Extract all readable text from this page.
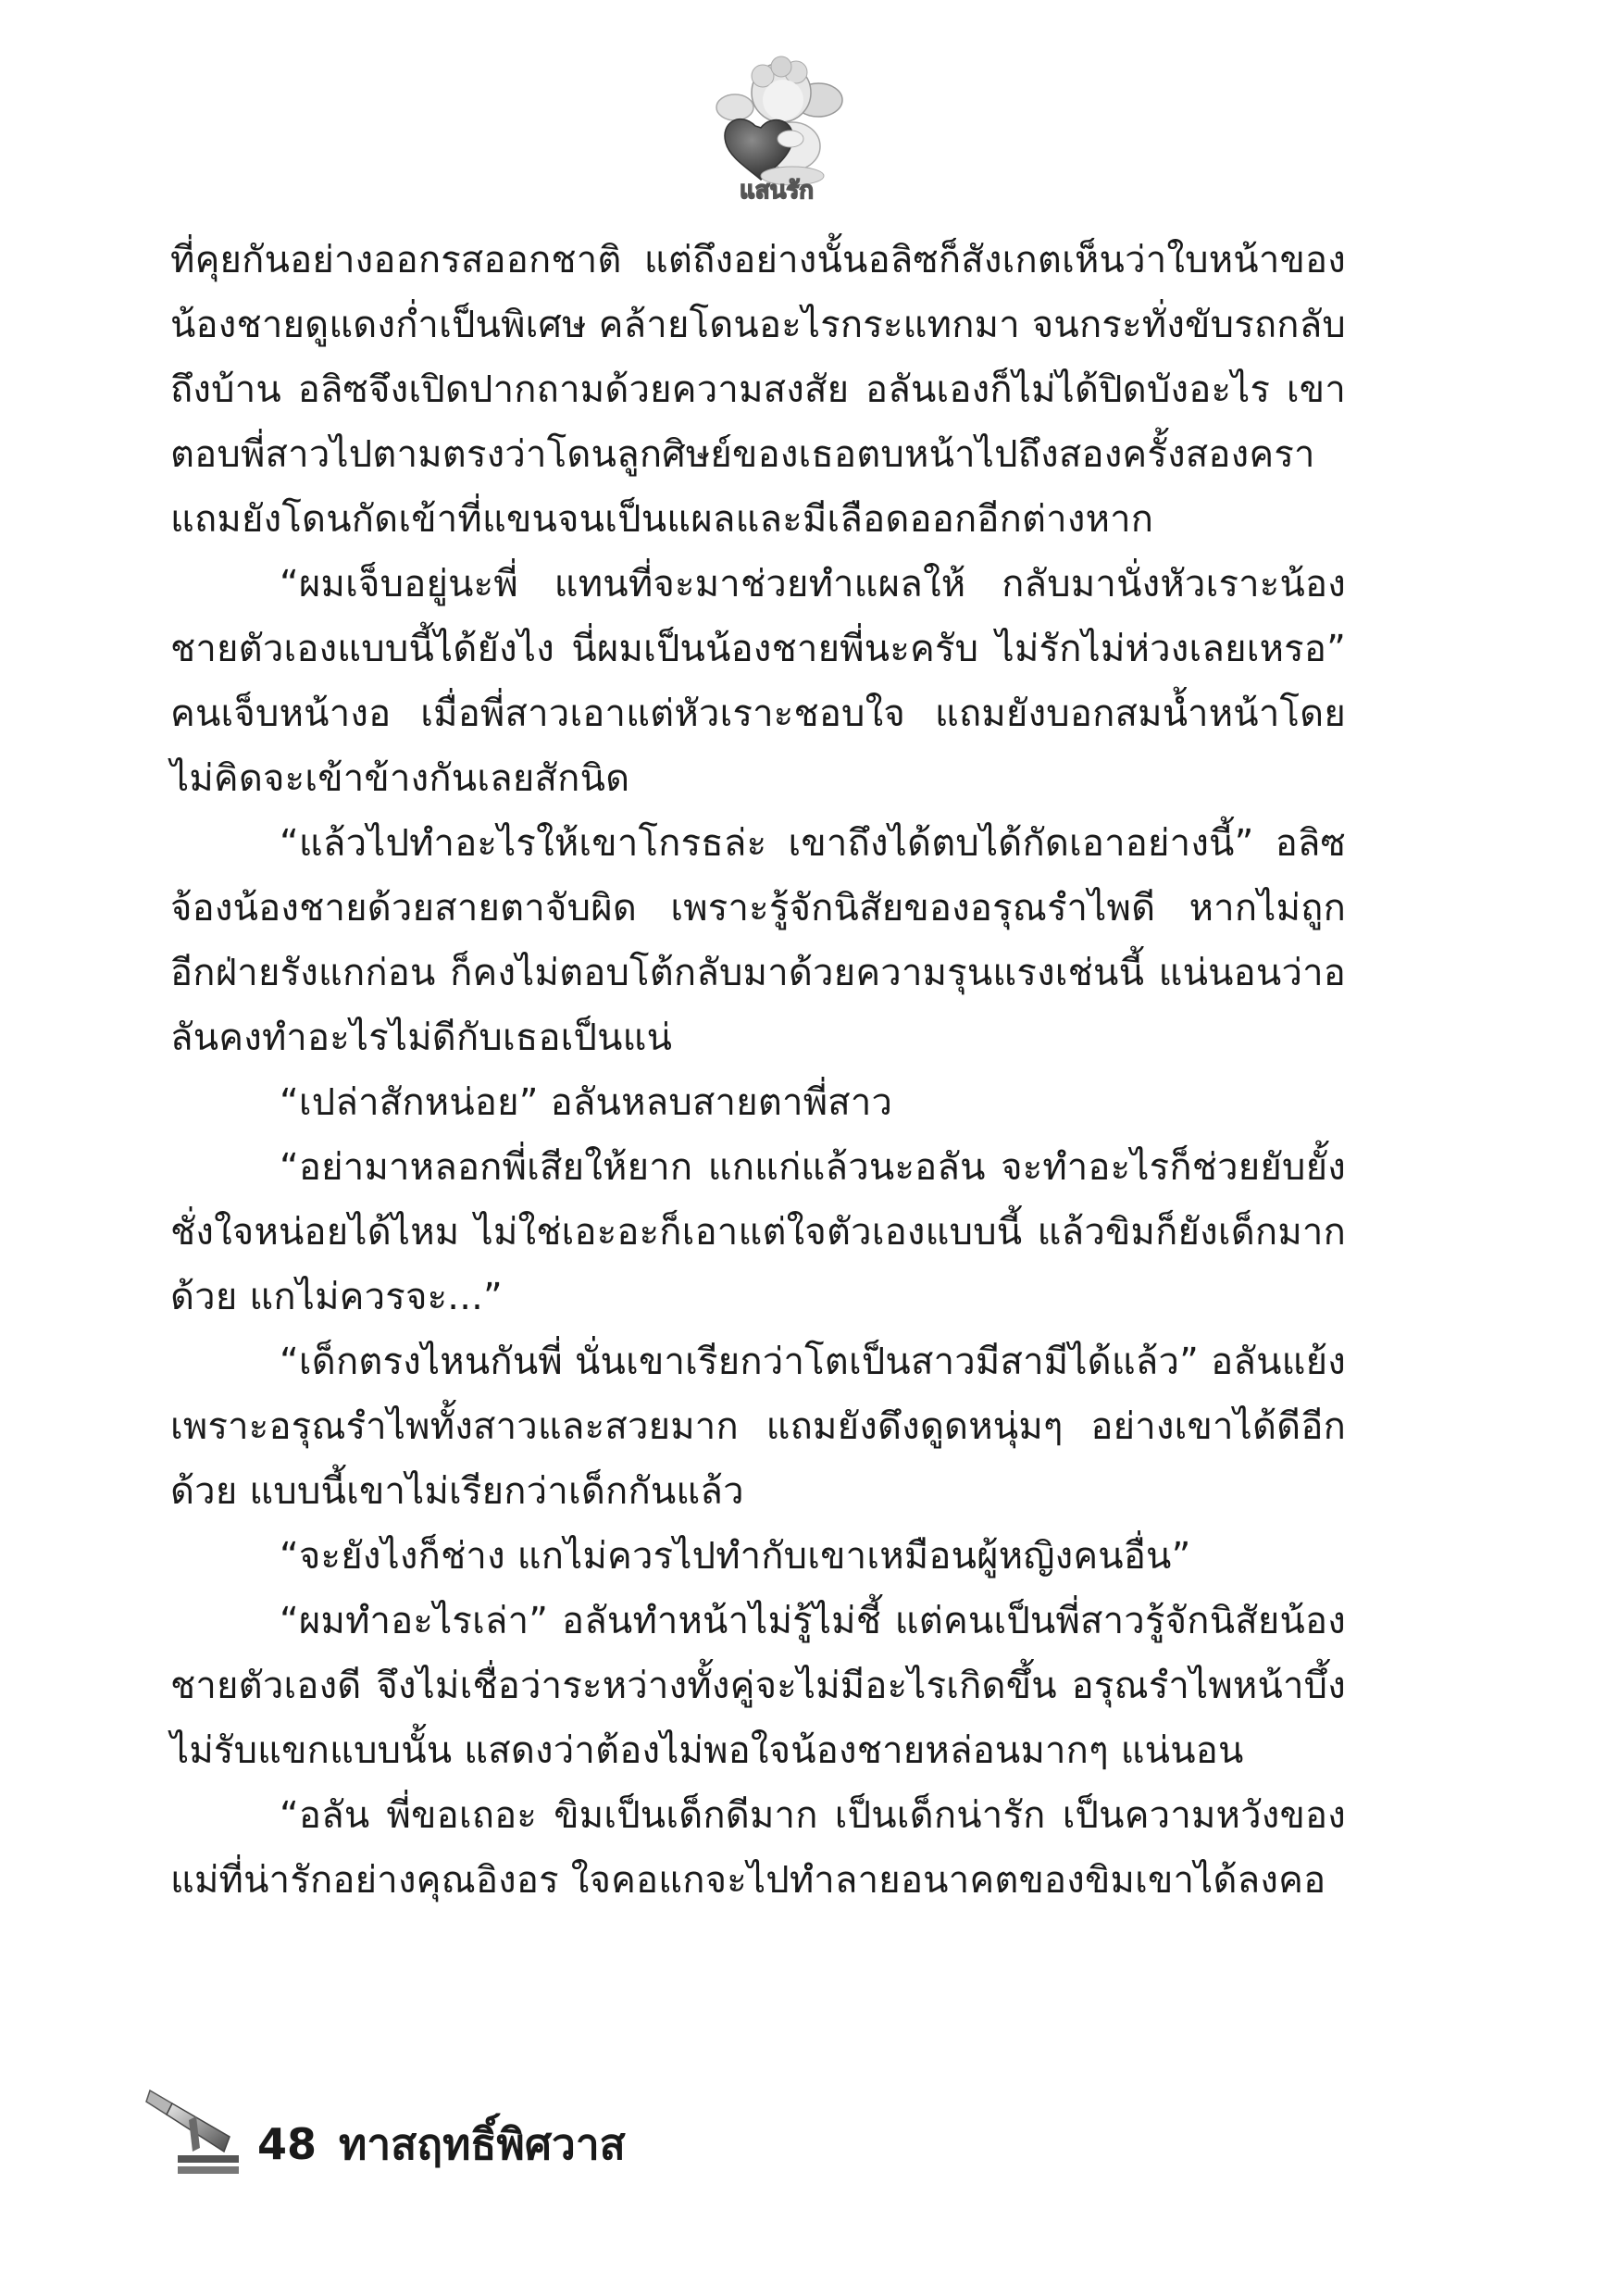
แสนรัก

ที่คุยกันอย่างออกรสออกชาติ แต่ถึงอย่างนั้นอลิซก็สังเกตเห็นว่าใบหน้าของน้องชายดูแดงก่ำเป็นพิเศษ คล้ายโดนอะไรกระแทกมา จนกระทั่งขับรถกลับถึงบ้าน อลิซจึงเปิดปากถามด้วยความสงสัย อลันเองก็ไม่ได้ปิดบังอะไร เขาตอบพี่สาวไปตามตรงว่าโดนลูกศิษย์ของเธอตบหน้าไปถึงสองครั้งสองครา แถมยังโดนกัดเข้าที่แขนจนเป็นแผลและมีเลือดออกอีกต่างหาก

“ผมเจ็บอยู่นะพี่ แทนที่จะมาช่วยทำแผลให้ กลับมานั่งหัวเราะน้องชายตัวเองแบบนี้ได้ยังไง นี่ผมเป็นน้องชายพี่นะครับ ไม่รักไม่ห่วงเลยเหรอ” คนเจ็บหน้างอ เมื่อพี่สาวเอาแต่หัวเราะชอบใจ แถมยังบอกสมน้ำหน้าโดยไม่คิดจะเข้าข้างกันเลยสักนิด

“แล้วไปทำอะไรให้เขาโกรธล่ะ เขาถึงได้ตบได้กัดเอาอย่างนี้” อลิซจ้องน้องชายด้วยสายตาจับผิด เพราะรู้จักนิสัยของอรุณรำไพดี หากไม่ถูกอีกฝ่ายรังแกก่อน ก็คงไม่ตอบโต้กลับมาด้วยความรุนแรงเช่นนี้ แน่นอนว่าอลันคงทำอะไรไม่ดีกับเธอเป็นแน่

“เปล่าสักหน่อย” อลันหลบสายตาพี่สาว

“อย่ามาหลอกพี่เสียให้ยาก แกแก่แล้วนะอลัน จะทำอะไรก็ช่วยยับยั้งชั่งใจหน่อยได้ไหม ไม่ใช่เอะอะก็เอาแต่ใจตัวเองแบบนี้ แล้วขิมก็ยังเด็กมากด้วย แกไม่ควรจะ...”

“เด็กตรงไหนกันพี่ นั่นเขาเรียกว่าโตเป็นสาวมีสามีได้แล้ว” อลันแย้งเพราะอรุณรำไพทั้งสาวและสวยมาก แถมยังดึงดูดหนุ่มๆ อย่างเขาได้ดีอีกด้วย แบบนี้เขาไม่เรียกว่าเด็กกันแล้ว

“จะยังไงก็ช่าง แกไม่ควรไปทำกับเขาเหมือนผู้หญิงคนอื่น”

“ผมทำอะไรเล่า” อลันทำหน้าไม่รู้ไม่ชี้ แต่คนเป็นพี่สาวรู้จักนิสัยน้องชายตัวเองดี จึงไม่เชื่อว่าระหว่างทั้งคู่จะไม่มีอะไรเกิดขึ้น อรุณรำไพหน้าบึ้งไม่รับแขกแบบนั้น แสดงว่าต้องไม่พอใจน้องชายหล่อนมากๆ แน่นอน

“อลัน พี่ขอเถอะ ขิมเป็นเด็กดีมาก เป็นเด็กน่ารัก เป็นความหวังของแม่ที่น่ารักอย่างคุณอิงอร ใจคอแกจะไปทำลายอนาคตของขิมเขาได้ลงคอ

48 ทาสฤทธิ์พิศวาส
